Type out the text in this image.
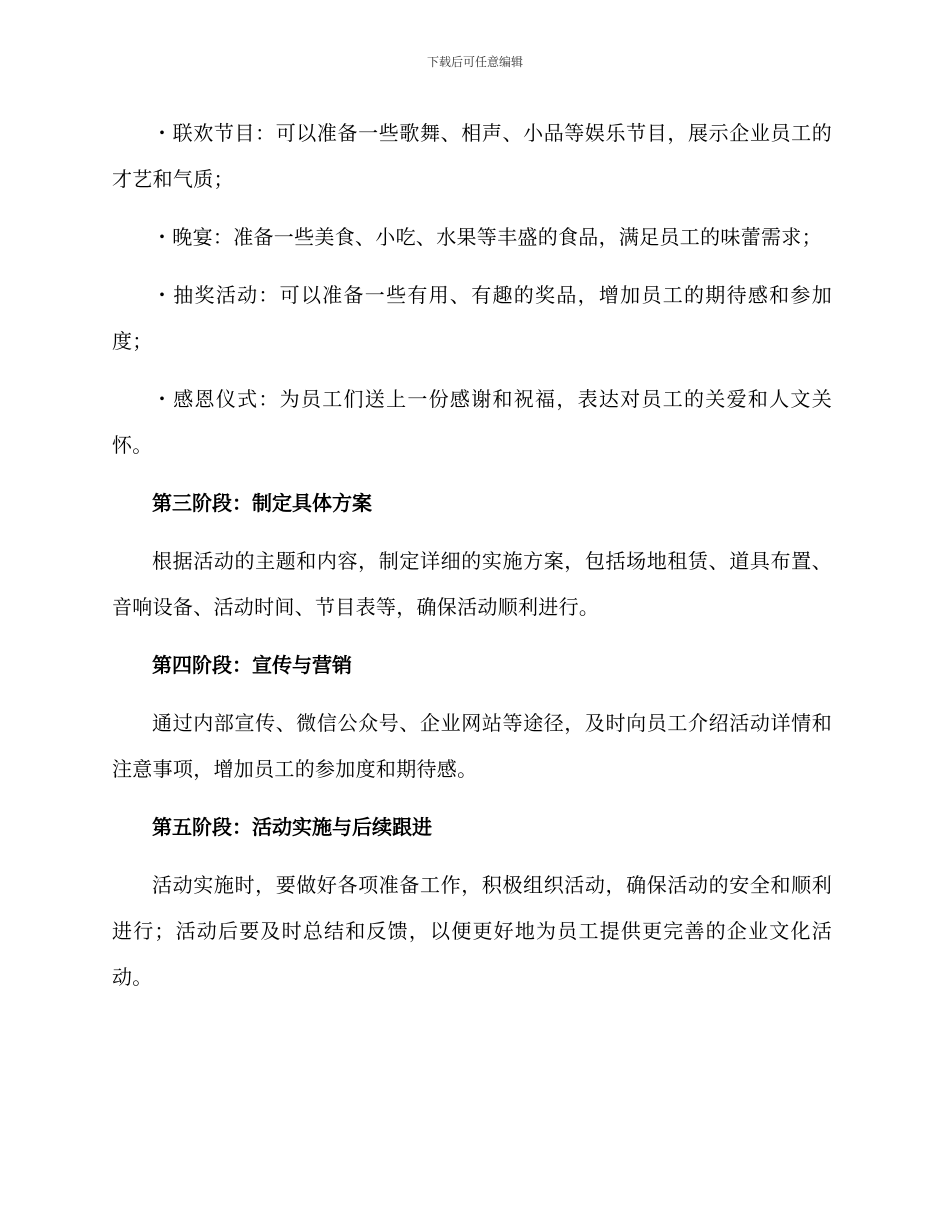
下载后可任意编辑

・联欢节目：可以准备一些歌舞、相声、小品等娱乐节目，展示企业员工的才艺和气质；

・晚宴：准备一些美食、小吃、水果等丰盛的食品，满足员工的味蕾需求；

・抽奖活动：可以准备一些有用、有趣的奖品，增加员工的期待感和参加度；

・感恩仪式：为员工们送上一份感谢和祝福，表达对员工的关爱和人文关怀。

第三阶段：制定具体方案

根据活动的主题和内容，制定详细的实施方案，包括场地租赁、道具布置、音响设备、活动时间、节目表等，确保活动顺利进行。

第四阶段：宣传与营销

通过内部宣传、微信公众号、企业网站等途径，及时向员工介绍活动详情和注意事项，增加员工的参加度和期待感。

第五阶段：活动实施与后续跟进

活动实施时，要做好各项准备工作，积极组织活动，确保活动的安全和顺利进行；活动后要及时总结和反馈，以便更好地为员工提供更完善的企业文化活动。
